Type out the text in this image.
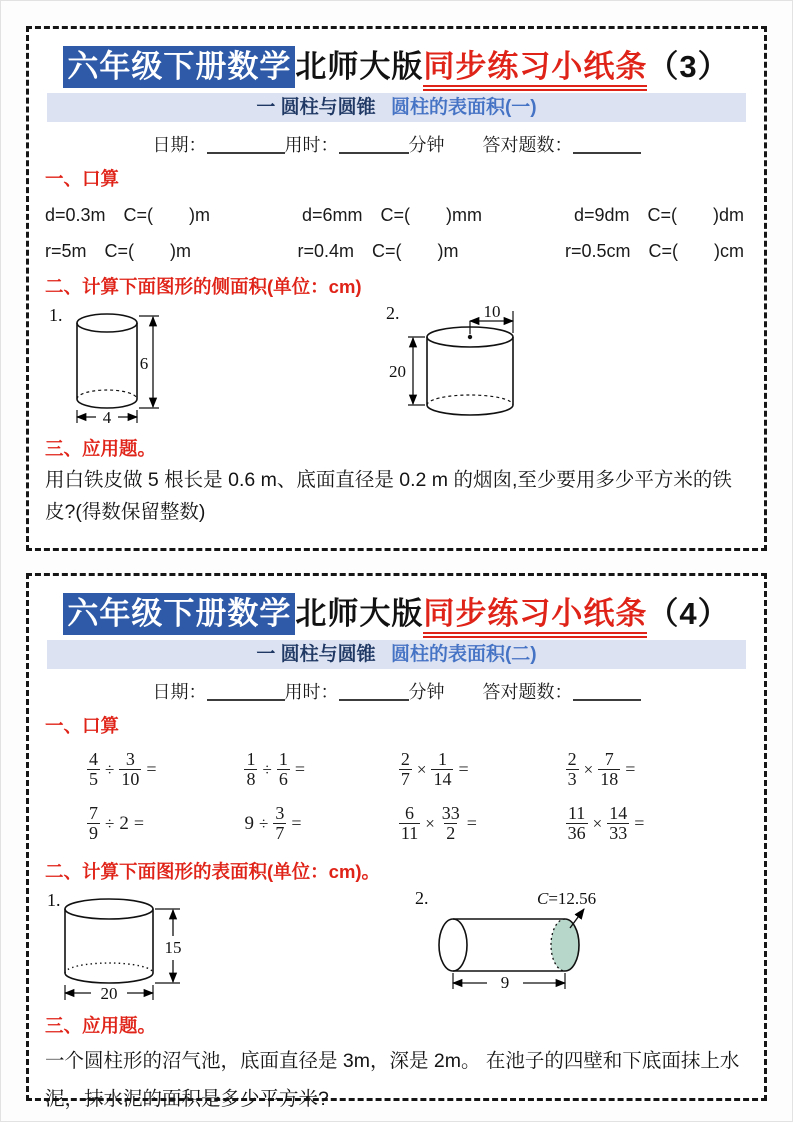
六年级下册数学 北师大版同步练习小纸条（3）
一 圆柱与圆锥 圆柱的表面积(一)
日期：	用时：	分钟 答对题数：
一、口算
d=0.3m　C=(　　)m	d=6mm　C=(　　)mm	d=9dm　C=(　　)dm
r=5m　C=(　　)m	r=0.4m　C=(　　)m	r=0.5cm　C=(　　)cm
二、计算下面图形的侧面积(单位：cm)
1.
6
4
2.	10
20
三、应用题。
用白铁皮做 5 根长是 0.6 m、底面直径是 0.2 m 的烟囱,至少要用多少平方米的铁皮?(得数保留整数)
六年级下册数学 北师大版同步练习小纸条（4）
一 圆柱与圆锥 圆柱的表面积(二)
日期：	用时：	分钟 答对题数：
一、口算
$\frac{4}{5} \div \frac{3}{10}$ =	$\frac{1}{8} \div \frac{1}{6}$ =	$\frac{2}{7} \times \frac{1}{14}$ =	$\frac{2}{3} \times \frac{7}{18}$ =
$\frac{7}{9} \div 2$ =	$9 \div \frac{3}{7}$ =	$\frac{6}{11} \times \frac{33}{2}$ =	$\frac{11}{36} \times \frac{14}{33}$ =
二、计算下面图形的表面积(单位：cm)。
1.
15
20
2.	C=12.56
9
三、应用题。
一个圆柱形的沼气池，底面直径是 3m，深是 2m。 在池子的四壁和下底面抹上水泥，抹水泥的面积是多少平方米?
